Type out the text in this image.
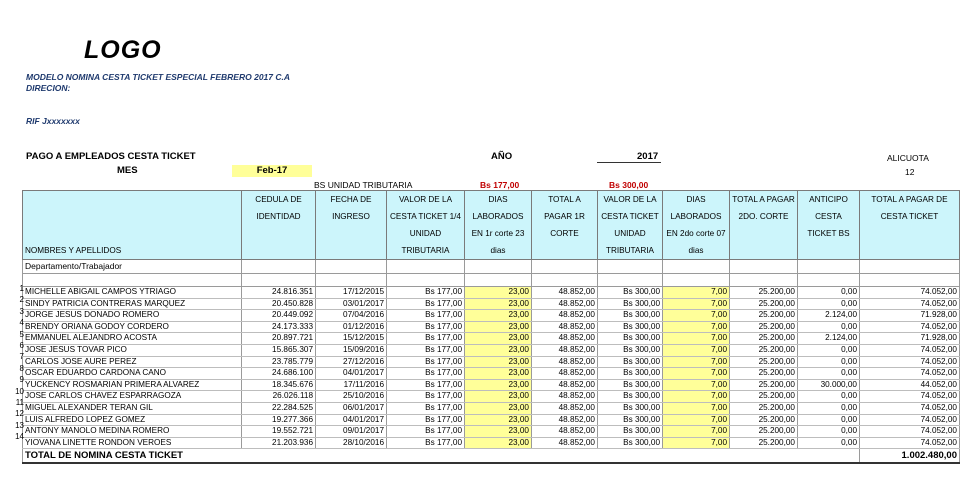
LOGO
MODELO NOMINA CESTA TICKET ESPECIAL FEBRERO 2017 C.A
DIRECION:
RIF Jxxxxxxx
PAGO A EMPLEADOS CESTA TICKET
MES	Feb-17
AÑO	2017	ALICUOTA
12
BS UNIDAD TRIBUTARIA	Bs 177,00	Bs 300,00
NOMBRES Y APELLIDOS	CEDULA DE IDENTIDAD	FECHA DE INGRESO	VALOR DE LA CESTA TICKET 1/4 UNIDAD TRIBUTARIA	DIAS LABORADOS EN 1r corte 23 dias	TOTAL A PAGAR 1R CORTE	VALOR DE LA CESTA TICKET UNIDAD TRIBUTARIA	DIAS LABORADOS EN 2do corte 07 dias	TOTAL A PAGAR 2DO. CORTE	ANTICIPO CESTA TICKET BS	TOTAL A PAGAR DE CESTA TICKET
Departamento/Trabajador										

MICHELLE ABIGAIL CAMPOS YTRIAGO	24.816.351	17/12/2015	Bs 177,00	23,00	48.852,00	Bs 300,00	7,00	25.200,00	0,00	74.052,00
SINDY PATRICIA CONTRERAS MARQUEZ	20.450.828	03/01/2017	Bs 177,00	23,00	48.852,00	Bs 300,00	7,00	25.200,00	0,00	74.052,00
JORGE JESUS DONADO ROMERO	20.449.092	07/04/2016	Bs 177,00	23,00	48.852,00	Bs 300,00	7,00	25.200,00	2.124,00	71.928,00
BRENDY ORIANA GODOY CORDERO	24.173.333	01/12/2016	Bs 177,00	23,00	48.852,00	Bs 300,00	7,00	25.200,00	0,00	74.052,00
EMMANUEL ALEJANDRO ACOSTA	20.897.721	15/12/2015	Bs 177,00	23,00	48.852,00	Bs 300,00	7,00	25.200,00	2.124,00	71.928,00
JOSE JESUS TOVAR PICO	15.865.307	15/09/2016	Bs 177,00	23,00	48.852,00	Bs 300,00	7,00	25.200,00	0,00	74.052,00
CARLOS JOSE AURE PEREZ	23.785.779	27/12/2016	Bs 177,00	23,00	48.852,00	Bs 300,00	7,00	25.200,00	0,00	74.052,00
OSCAR EDUARDO CARDONA CANO	24.686.100	04/01/2017	Bs 177,00	23,00	48.852,00	Bs 300,00	7,00	25.200,00	0,00	74.052,00
YUCKENCY ROSMARIAN PRIMERA ALVAREZ	18.345.676	17/11/2016	Bs 177,00	23,00	48.852,00	Bs 300,00	7,00	25.200,00	30.000,00	44.052,00
JOSE CARLOS CHAVEZ ESPARRAGOZA	26.026.118	25/10/2016	Bs 177,00	23,00	48.852,00	Bs 300,00	7,00	25.200,00	0,00	74.052,00
MIGUEL ALEXANDER TERAN GIL	22.284.525	06/01/2017	Bs 177,00	23,00	48.852,00	Bs 300,00	7,00	25.200,00	0,00	74.052,00
LUIS ALFREDO LOPEZ GOMEZ	19.277.366	04/01/2017	Bs 177,00	23,00	48.852,00	Bs 300,00	7,00	25.200,00	0,00	74.052,00
ANTONY MANOLO MEDINA ROMERO	19.552.721	09/01/2017	Bs 177,00	23,00	48.852,00	Bs 300,00	7,00	25.200,00	0,00	74.052,00
YIOVANA LINETTE RONDON VEROES	21.203.936	28/10/2016	Bs 177,00	23,00	48.852,00	Bs 300,00	7,00	25.200,00	0,00	74.052,00
TOTAL DE NOMINA CESTA TICKET										1.002.480,00
1
2
3
4
5
6
7
8
9
10
11
12
13
14
